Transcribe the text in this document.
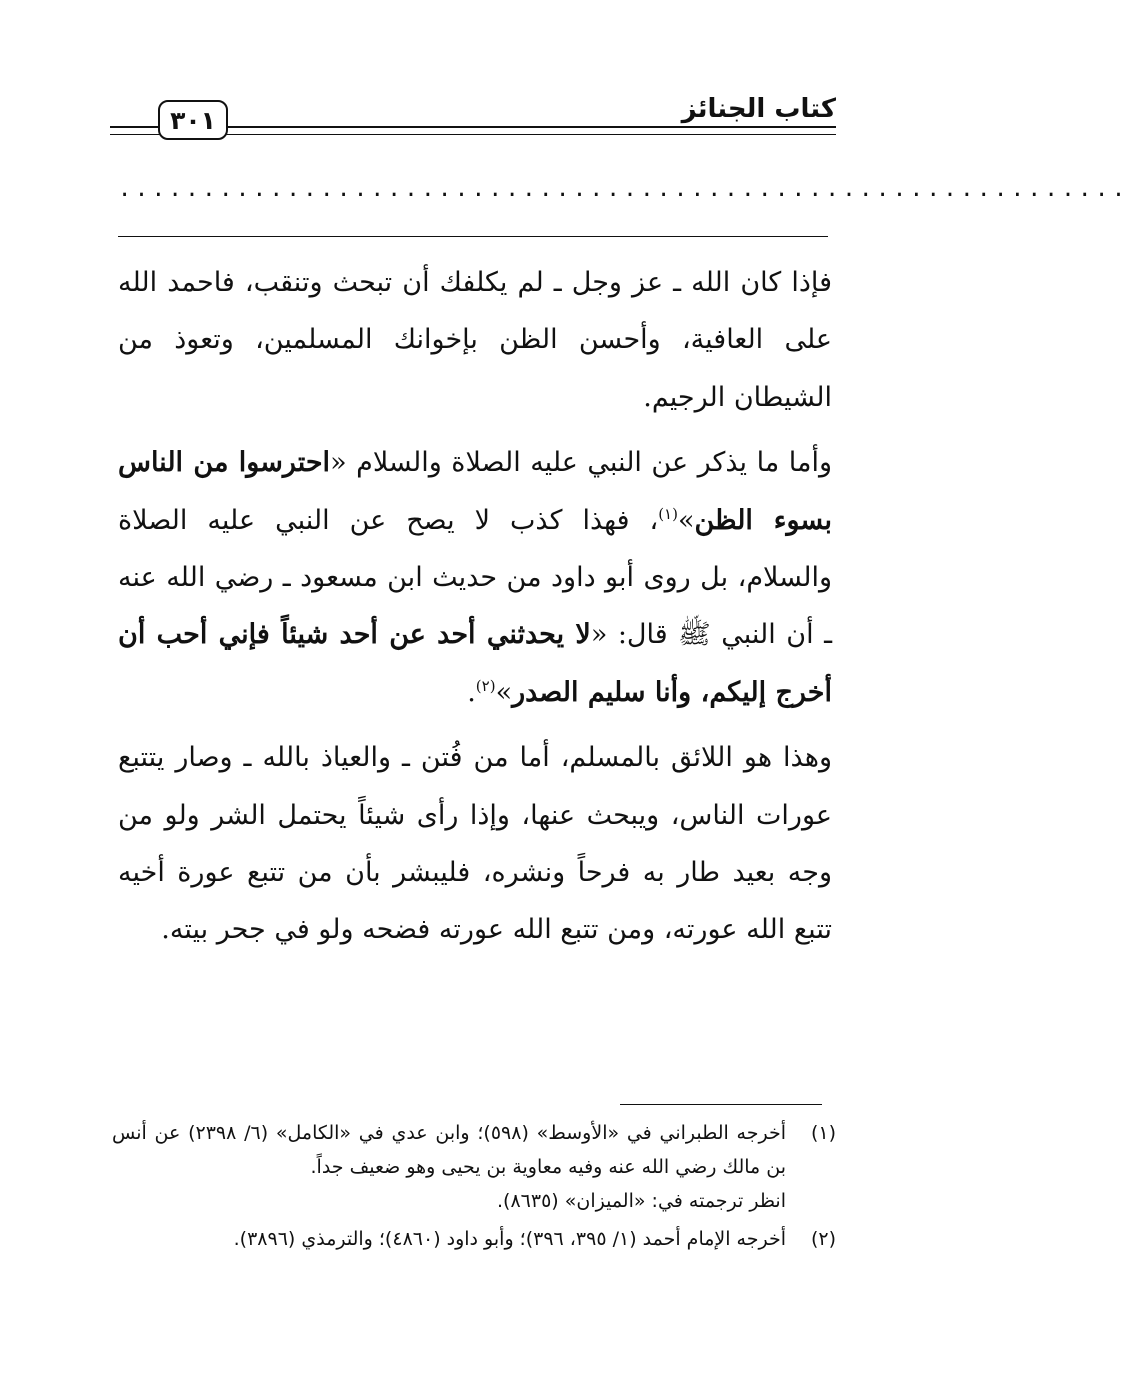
٣٠١	كتاب الجنائز
............................................................

فإذا كان الله ـ عز وجل ـ لم يكلفك أن تبحث وتنقب، فاحمد الله على العافية، وأحسن الظن بإخوانك المسلمين، وتعوذ من الشيطان الرجيم.

وأما ما يذكر عن النبي عليه الصلاة والسلام «احترسوا من الناس بسوء الظن»$^{(١)}$، فهذا كذب لا يصح عن النبي عليه الصلاة والسلام، بل روى أبو داود من حديث ابن مسعود ـ رضي الله عنه ـ أن النبي ﷺ قال: «لا يحدثني أحد عن أحد شيئاً فإني أحب أن أخرج إليكم، وأنا سليم الصدر»$^{(٢)}$.

وهذا هو اللائق بالمسلم، أما من فُتن ـ والعياذ بالله ـ وصار يتتبع عورات الناس، ويبحث عنها، وإذا رأى شيئاً يحتمل الشر ولو من وجه بعيد طار به فرحاً ونشره، فليبشر بأن من تتبع عورة أخيه تتبع الله عورته، ومن تتبع الله عورته فضحه ولو في جحر بيته.

(١)
أخرجه الطبراني في «الأوسط» (٥٩٨)؛ وابن عدي في «الكامل» (٦/ ٢٣٩٨) عن أنس بن مالك رضي الله عنه وفيه معاوية بن يحيى وهو ضعيف جداً.
انظر ترجمته في: «الميزان» (٨٦٣٥).
(٢)
أخرجه الإمام أحمد (١/ ٣٩٥، ٣٩٦)؛ وأبو داود (٤٨٦٠)؛ والترمذي (٣٨٩٦).
